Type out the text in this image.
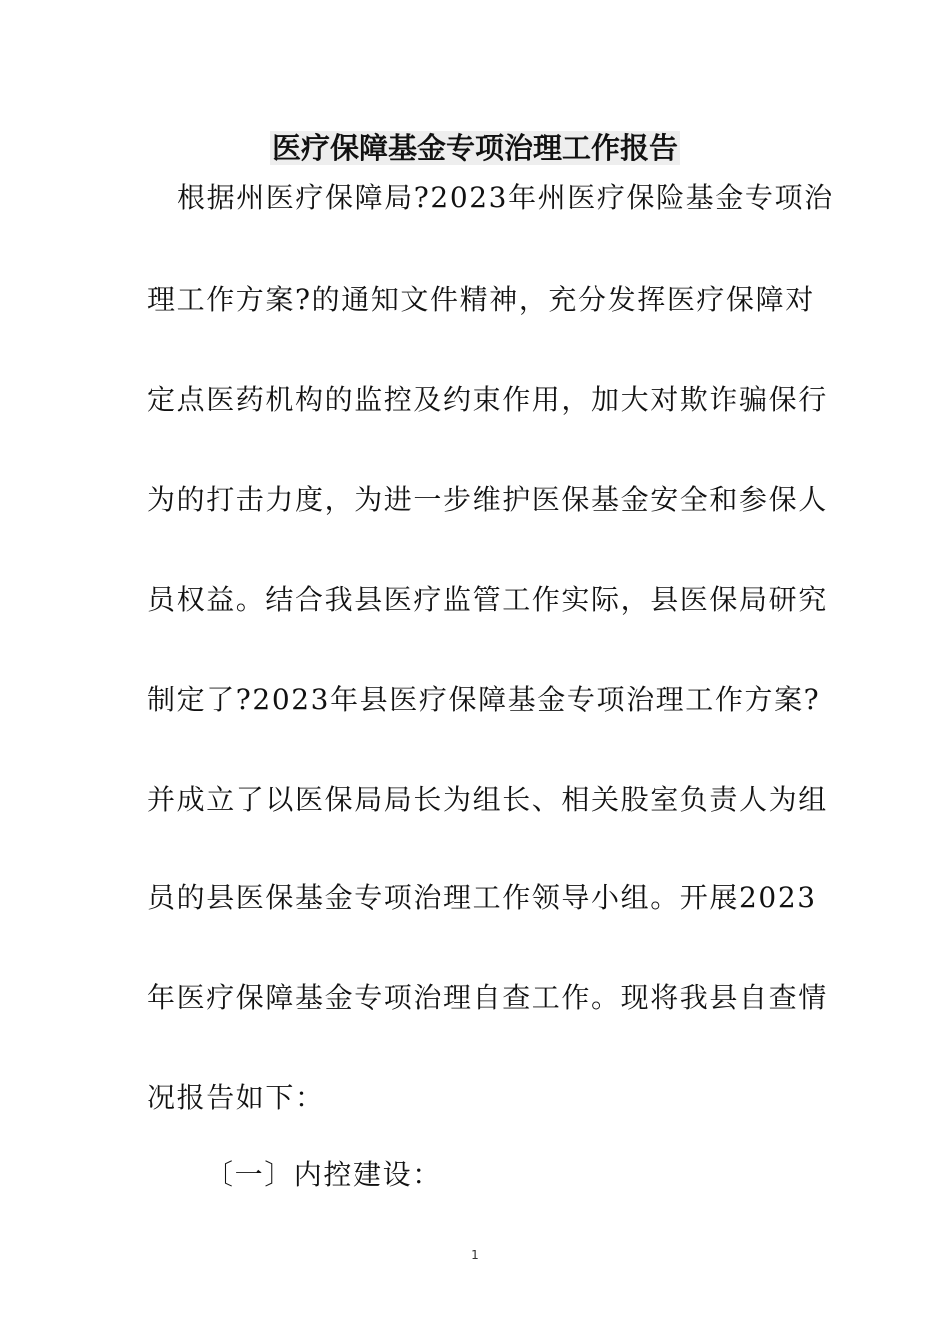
医疗保障基金专项治理工作报告
根据州医疗保障局?2023年州医疗保险基金专项治
理工作方案?的通知文件精神，充分发挥医疗保障对
定点医药机构的监控及约束作用，加大对欺诈骗保行
为的打击力度，为进一步维护医保基金安全和参保人
员权益。结合我县医疗监管工作实际，县医保局研究
制定了?2023年县医疗保障基金专项治理工作方案?
并成立了以医保局局长为组长、相关股室负责人为组
员的县医保基金专项治理工作领导小组。开展2023
年医疗保障基金专项治理自查工作。现将我县自查情
况报告如下：
〔一〕内控建设：
1
